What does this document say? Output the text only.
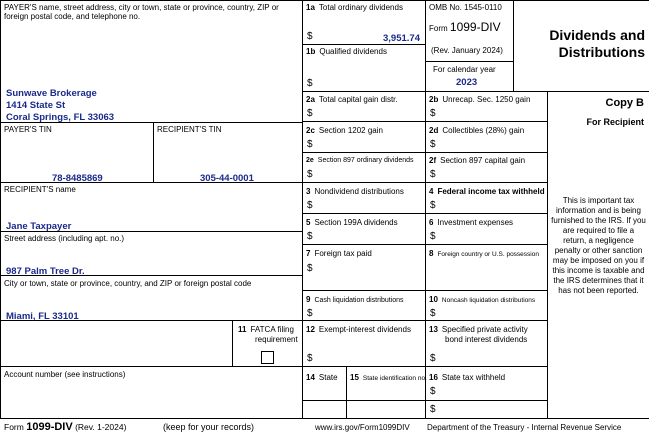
PAYER'S name, street address, city or town, state or province, country, ZIP or foreign postal code, and telephone no.
Sunwave Brokerage
1414 State St
Coral Springs, FL 33063
PAYER'S TIN
78-8485869
RECIPIENT'S TIN
305-44-0001
RECIPIENT'S name
Jane Taxpayer
Street address (including apt. no.)
987 Palm Tree Dr.
City or town, state or province, country, and ZIP or foreign postal code
Miami, FL 33101
11 FATCA filing
requirement
Account number (see instructions)
1a Total ordinary dividends
$	3,951.74
1b Qualified dividends
$
OMB No. 1545-0110
Form 1099-DIV
(Rev. January 2024)
For calendar year
2023
Dividends and
Distributions
2a Total capital gain distr.
$
2b Unrecap. Sec. 1250 gain
$
Copy B
For Recipient
2c Section 1202 gain
$
2d Collectibles (28%) gain
$
2e Section 897 ordinary dividends
$
2f Section 897 capital gain
$
3 Nondividend distributions
$
4 Federal income tax withheld
$	This is important tax information and is being furnished to the IRS. If you are required to file a return, a negligence penalty or other sanction may be imposed on you if this income is taxable and the IRS determines that it has not been reported.
5 Section 199A dividends
$
6 Investment expenses
$
7 Foreign tax paid
$
8 Foreign country or U.S. possession
9 Cash liquidation distributions
$
10 Noncash liquidation distributions
$
12 Exempt-interest dividends
$
13 Specified private activity
bond interest dividends
$
14 State 15 State identification no. 16 State tax withheld
$
$
Form 1099-DIV (Rev. 1-2024)	(keep for your records)	www.irs.gov/Form1099DIV Department of the Treasury - Internal Revenue Service
